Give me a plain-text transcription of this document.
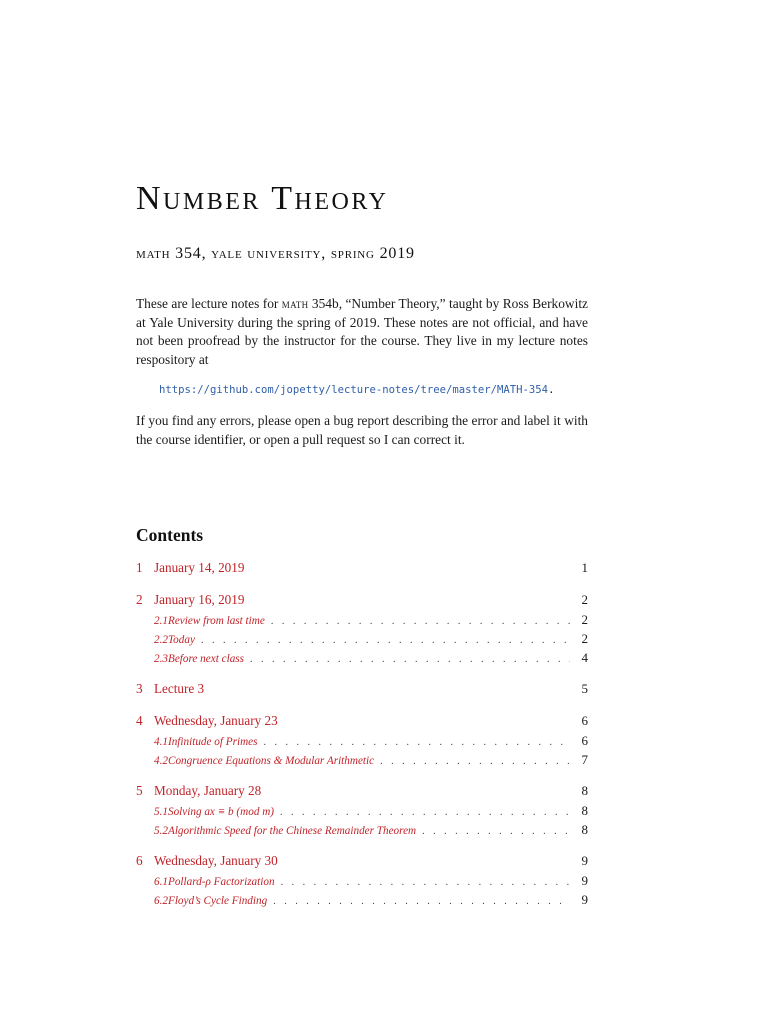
Number Theory
math 354, yale university, spring 2019
These are lecture notes for math 354b, “Number Theory,” taught by Ross Berkowitz at Yale University during the spring of 2019. These notes are not official, and have not been proofread by the instructor for the course. They live in my lecture notes respository at
https://github.com/jopetty/lecture-notes/tree/master/MATH-354.
If you find any errors, please open a bug report describing the error and label it with the course identifier, or open a pull request so I can correct it.
Contents
1 January 14, 2019	1
2 January 16, 2019	2
2.1 Review from last time . . .	2
2.2 Today . . .	2
2.3 Before next class . . .	4
3 Lecture 3	5
4 Wednesday, January 23	6
4.1 Infinitude of Primes . . .	6
4.2 Congruence Equations & Modular Arithmetic . . .	7
5 Monday, January 28	8
5.1 Solving ax ≡ b (mod m) . . .	8
5.2 Algorithmic Speed for the Chinese Remainder Theorem . . .	8
6 Wednesday, January 30	9
6.1 Pollard-ρ Factorization . . .	9
6.2 Floyd’s Cycle Finding . . .	9
